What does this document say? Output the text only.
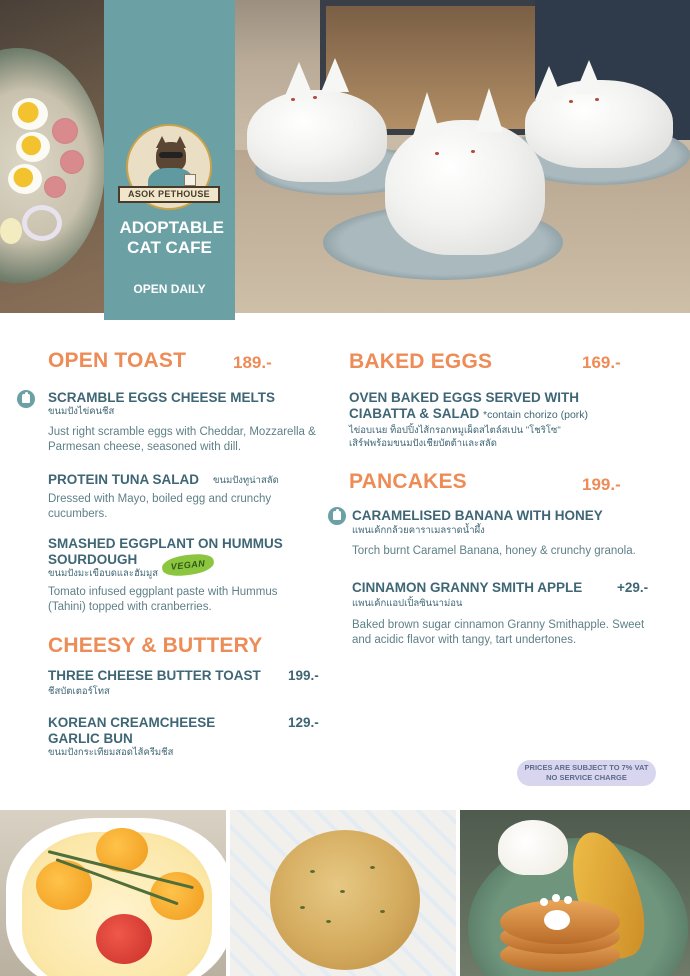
ASOK PETHOUSE
ADOPTABLE CAT CAFE
OPEN DAILY
OPEN TOAST	189.-
SCRAMBLE EGGS CHEESE MELTS
ขนมปังไข่คนชีส
Just right scramble eggs with Cheddar, Mozzarella & Parmesan cheese, seasoned with dill.
PROTEIN TUNA SALAD	ขนมปังทูน่าสลัด
Dressed with Mayo, boiled egg and crunchy cucumbers.
SMASHED EGGPLANT ON HUMMUS SOURDOUGH	VEGAN
ขนมปังมะเขือบดและฮัมมูส
Tomato infused eggplant paste with Hummus (Tahini) topped with cranberries.
CHEESY & BUTTERY
THREE CHEESE BUTTER TOAST	199.-
ชีสบัตเตอร์โทส
KOREAN CREAMCHEESE GARLIC BUN
129.-
ขนมปังกระเทียมสอดไส้ครีมชีส
BAKED EGGS	169.-
OVEN BAKED EGGS SERVED WITH CIABATTA & SALAD *contain chorizo (pork)
ไข่อบเนย ท็อปปิ้งไส้กรอกหมูเผ็ดสไตล์สเปน "โชริโซ"
เสิร์ฟพร้อมขนมปังเชียบัตต้าและสลัด
PANCAKES	199.-
CARAMELISED BANANA WITH HONEY
แพนเค้กกล้วยคาราเมลราดน้ำผึ้ง
Torch burnt Caramel Banana, honey & crunchy granola.
CINNAMON GRANNY SMITH APPLE	+29.-
แพนเค้กแอปเปิ้ลซินนาม่อน
Baked brown sugar cinnamon Granny Smithapple. Sweet and acidic flavor with tangy, tart undertones.
PRICES ARE SUBJECT TO 7% VAT
NO SERVICE CHARGE
